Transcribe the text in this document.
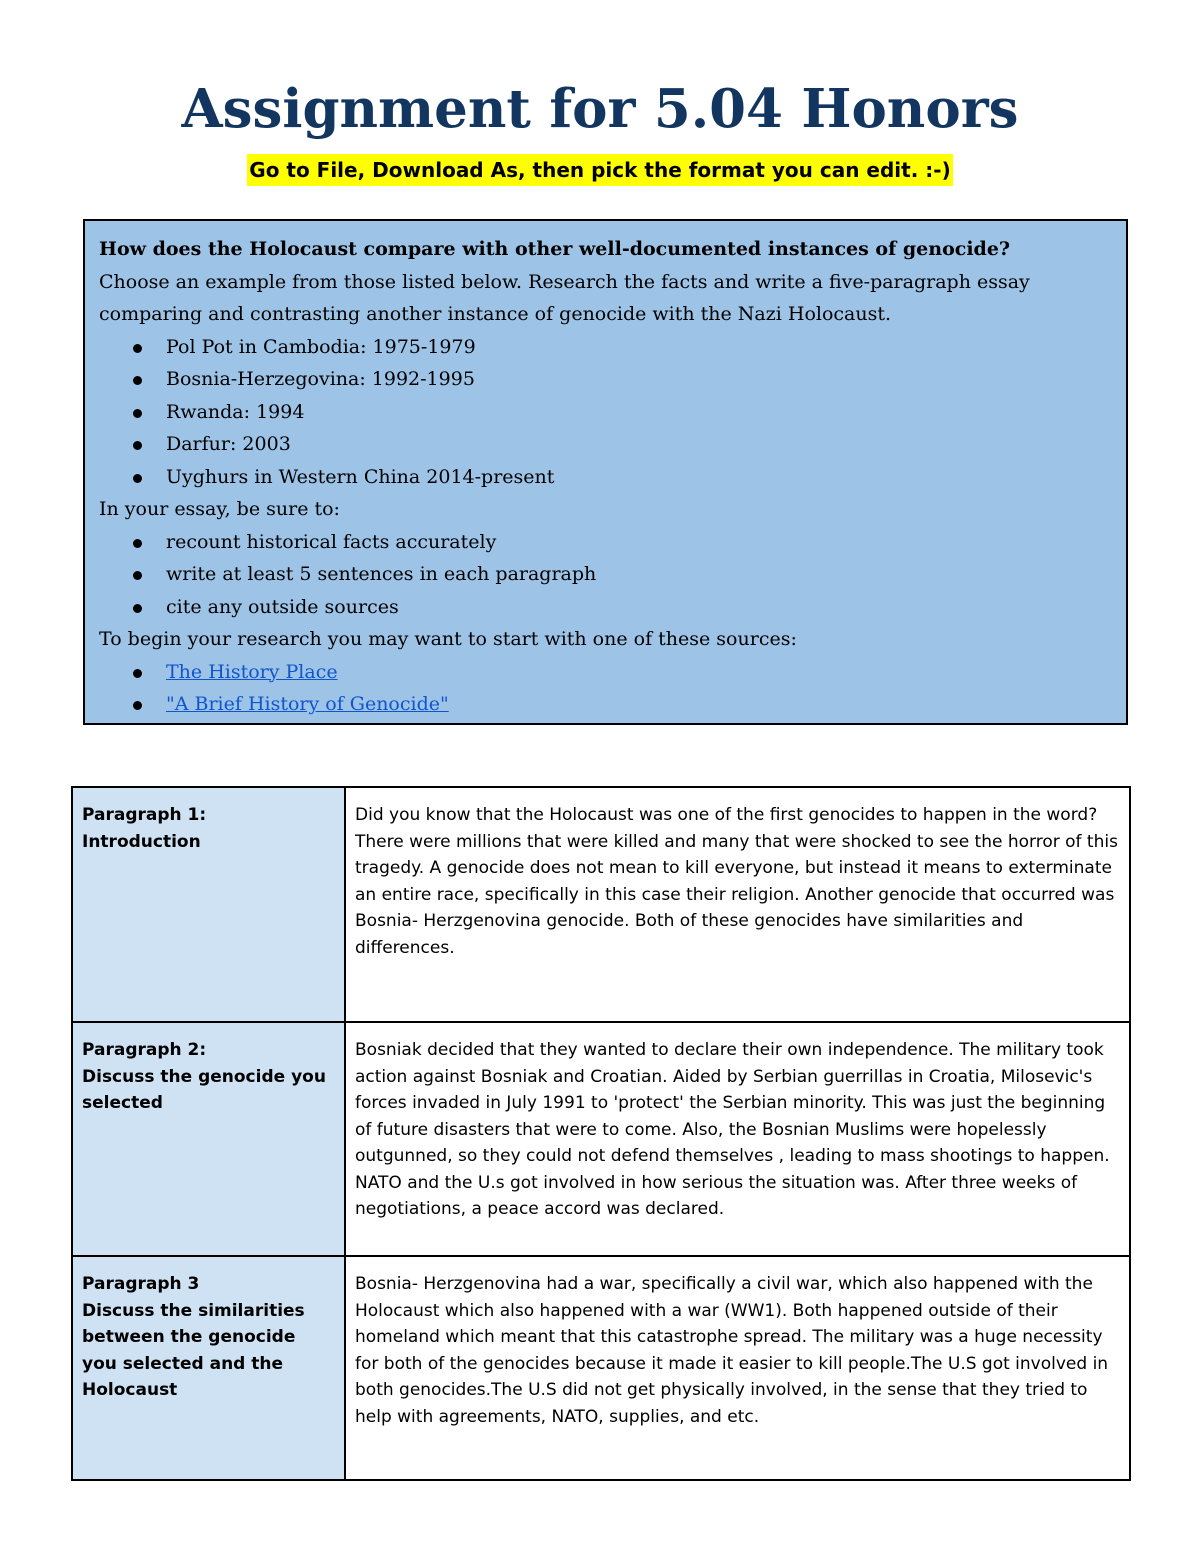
Assignment for 5.04 Honors
Go to File, Download As, then pick the format you can edit. :-)
How does the Holocaust compare with other well-documented instances of genocide?
Choose an example from those listed below. Research the facts and write a five-paragraph essay comparing and contrasting another instance of genocide with the Nazi Holocaust.
Pol Pot in Cambodia: 1975-1979
Bosnia-Herzegovina: 1992-1995
Rwanda: 1994
Darfur: 2003
Uyghurs in Western China 2014-present
In your essay, be sure to:
recount historical facts accurately
write at least 5 sentences in each paragraph
cite any outside sources
To begin your research you may want to start with one of these sources:
The History Place
"A Brief History of Genocide"
Paragraph 1:
Introduction	Did you know that the Holocaust was one of the first genocides to happen in the word? There were millions that were killed and many that were shocked to see the horror of this tragedy. A genocide does not mean to kill everyone, but instead it means to exterminate an entire race, specifically in this case their religion. Another genocide that occurred was Bosnia- Herzgenovina genocide. Both of these genocides have similarities and differences.

Paragraph 2:
Discuss the genocide you selected	Bosniak decided that they wanted to declare their own independence. The military took action against Bosniak and Croatian. Aided by Serbian guerrillas in Croatia, Milosevic's forces invaded in July 1991 to 'protect' the Serbian minority. This was just the beginning of future disasters that were to come. Also, the Bosnian Muslims were hopelessly outgunned, so they could not defend themselves , leading to mass shootings to happen. NATO and the U.s got involved in how serious the situation was. After three weeks of negotiations, a peace accord was declared.

Paragraph 3
Discuss the similarities between the genocide you selected and the Holocaust	Bosnia- Herzgenovina had a war, specifically a civil war, which also happened with the Holocaust which also happened with a war (WW1). Both happened outside of their homeland which meant that this catastrophe spread. The military was a huge necessity for both of the genocides because it made it easier to kill people.The U.S got involved in both genocides.The U.S did not get physically involved, in the sense that they tried to help with agreements, NATO, supplies, and etc.
